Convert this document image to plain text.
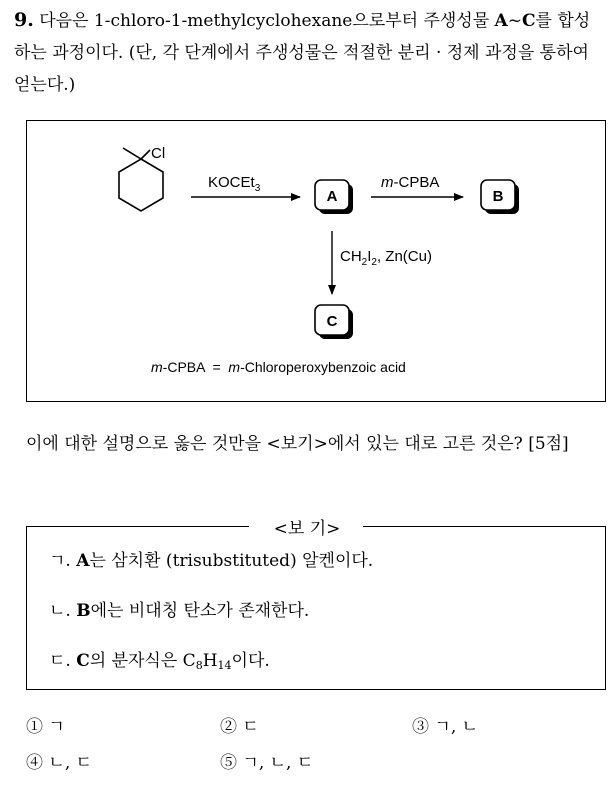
9. 다음은 1-chloro-1-methylcyclohexane으로부터 주생성물 A~C를 합성하는 과정이다. (단, 각 단계에서 주생성물은 적절한 분리 · 정제 과정을 통하여 얻는다.)
Cl
KOCEt$_3$	A
m-CPBA
B
$CH_2I_2$, Zn(Cu)
C
m-CPBA  =  m-Chloroperoxybenzoic acid
이에 대한 설명으로 옳은 것만을 <보기>에서 있는 대로 고른 것은? [5점]
ㄱ. A는 삼치환 (trisubstituted) 알켄이다.
ㄴ. B에는 비대칭 탄소가 존재한다.
ㄷ. C의 분자식은 $C_8H_{14}$이다.
<보 기>
① ㄱ	② ㄷ	③ ㄱ, ㄴ
④ ㄴ, ㄷ	⑤ ㄱ, ㄴ, ㄷ
